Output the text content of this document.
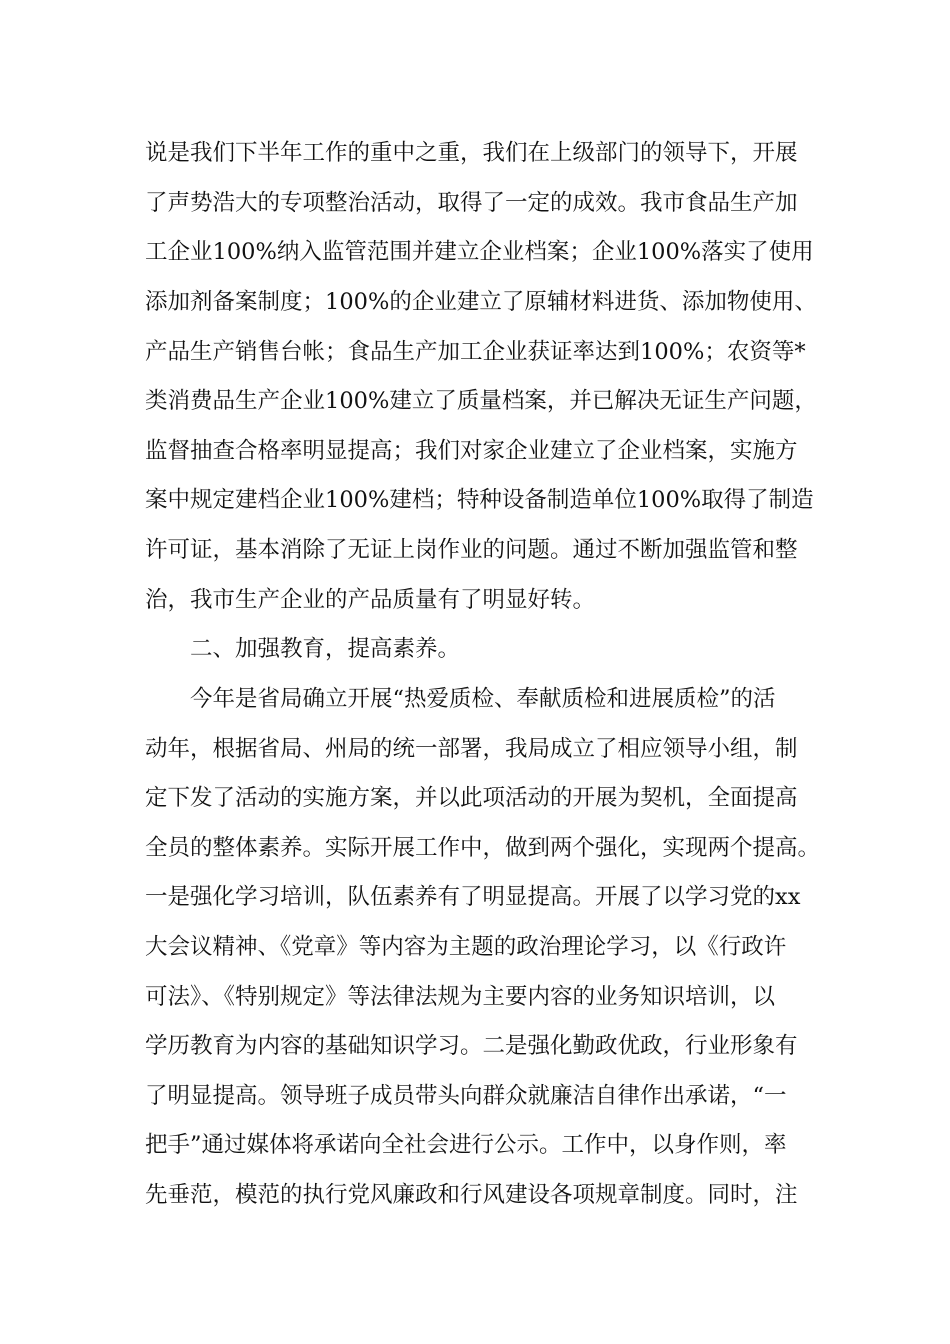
说是我们下半年工作的重中之重，我们在上级部门的领导下，开展
了声势浩大的专项整治活动，取得了一定的成效。我市食品生产加
工企业100%纳入监管范围并建立企业档案；企业100%落实了使用
添加剂备案制度；100%的企业建立了原辅材料进货、添加物使用、
产品生产销售台帐；食品生产加工企业获证率达到100%；农资等*
类消费品生产企业100%建立了质量档案，并已解决无证生产问题，
监督抽查合格率明显提高；我们对家企业建立了企业档案，实施方
案中规定建档企业100%建档；特种设备制造单位100%取得了制造
许可证，基本消除了无证上岗作业的问题。通过不断加强监管和整
治，我市生产企业的产品质量有了明显好转。
二、加强教育，提高素养。
今年是省局确立开展“热爱质检、奉献质检和进展质检”的活
动年，根据省局、州局的统一部署，我局成立了相应领导小组，制
定下发了活动的实施方案，并以此项活动的开展为契机，全面提高
全员的整体素养。实际开展工作中，做到两个强化，实现两个提高。
一是强化学习培训，队伍素养有了明显提高。开展了以学习党的xx
大会议精神、《党章》等内容为主题的政治理论学习，以《行政许
可法》、《特别规定》等法律法规为主要内容的业务知识培训，以
学历教育为内容的基础知识学习。二是强化勤政优政，行业形象有
了明显提高。领导班子成员带头向群众就廉洁自律作出承诺，“一
把手”通过媒体将承诺向全社会进行公示。工作中，以身作则，率
先垂范，模范的执行党风廉政和行风建设各项规章制度。同时，注
